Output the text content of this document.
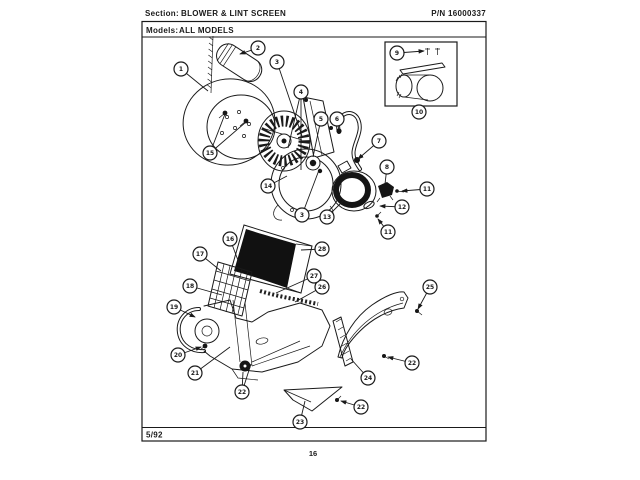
Section: BLOWER & LINT SCREEN	P/N 16000337
Models: ALL MODELS
5/92
16
1
2
3
3
4
5 6
7
8
9
10
11
11
12
13
14
15
16
17
18
19
20
21
22
22
22
23
24
25
26
27
28
